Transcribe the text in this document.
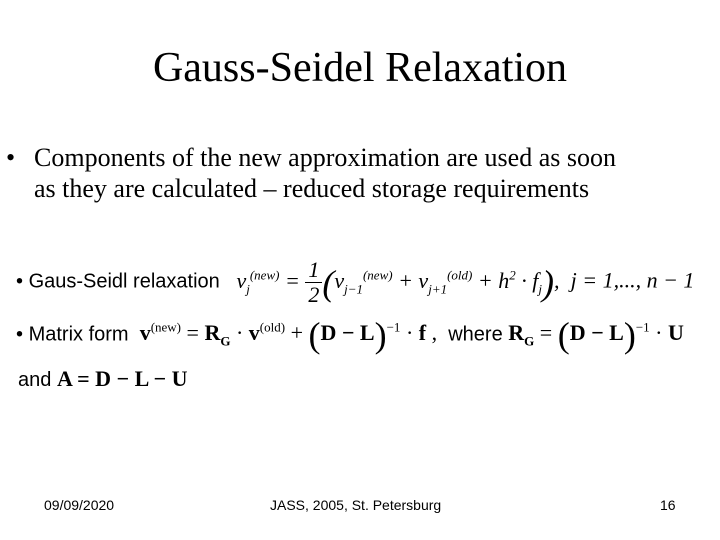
Gauss-Seidel Relaxation
• Components of the new approximation are used as soon as they are calculated – reduced storage requirements
• Gaus-Seidl relaxation $v_j^{(new)} = \frac{1}{2} (v_{j-1}^{(new)} + v_{j+1}^{(old)} + h^2 \cdot f_j)$, j = 1,..., n − 1
• Matrix form $v^{(new)} = R_G \cdot v^{(old)} + (D - L)^{-1} \cdot f$ , where $R_G = (D - L)^{-1} \cdot U$
and A = D − L − U
09/09/2020	JASS, 2005, St. Petersburg	16
